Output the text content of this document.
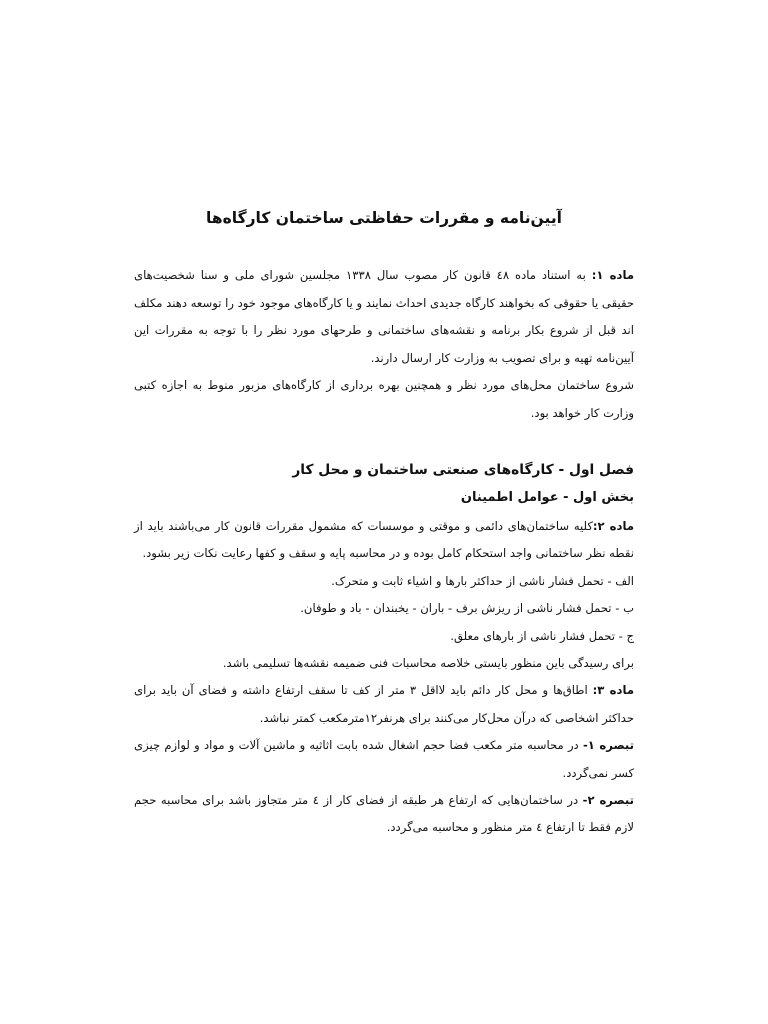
آیین‌نامه و مقررات حفاظتی ساختمان کارگاه‌ها

ماده ۱: به استناد ماده ٤٨ قانون کار مصوب سال ۱۳۳۸ مجلسین شورای ملی و سنا شخصیت‌های حقیقی یا حقوقی که بخواهند کارگاه جدیدی احداث نمایند و یا کارگاه‌های موجود خود را توسعه دهند مکلف اند قبل از شروع بکار برنامه و نقشه‌های ساختمانی و طرحهای مورد نظر را با توجه به مقررات این آیین‌نامه تهیه و برای تصویب به وزارت کار ارسال دارند.

شروع ساختمان محل‌های مورد نظر و همچنین بهره برداری از کارگاه‌های مزبور منوط به اجازه کتبی وزارت کار خواهد بود.

فصل اول - کارگاه‌های صنعتی ساختمان و محل کار
بخش اول - عوامل اطمینان

ماده ۲:کلیه ساختمان‌های دائمی و موقتی و موسسات که مشمول مقررات قانون کار می‌باشند باید از نقطه نظر ساختمانی واجد استحکام کامل بوده و در محاسبه پایه و سقف و کفها رعایت نکات زیر بشود.

الف - تحمل فشار ناشی از حداکثر بارها و اشیاء ثابت و متحرک.

ب - تحمل فشار ناشی از ریزش برف - باران - یخبندان - باد و طوفان.

ج - تحمل فشار ناشی از بارهای معلق.

برای رسیدگی باین منظور بایستی خلاصه محاسبات فنی ضمیمه نقشه‌ها تسلیمی باشد.

ماده ۳: اطاق‌ها و محل کار دائم باید لااقل ۳ متر از کف تا سقف ارتفاع داشته و فضای آن باید برای حداکثر اشخاصی که درآن محل‌کار می‌کنند برای هرنفر۱۲مترمکعب کمتر نباشد.

تبصره ۱- در محاسبه متر مکعب فضا حجم اشغال شده بابت اثاثیه و ماشین آلات و مواد و لوازم چیزی کسر نمی‌گردد.

تبصره ۲- در ساختمان‌هایی که ارتفاع هر طبقه از فضای کار از ٤ متر متجاوز باشد برای محاسبه حجم لازم فقط تا ارتفاع ٤ متر منظور و محاسبه می‌گردد.
